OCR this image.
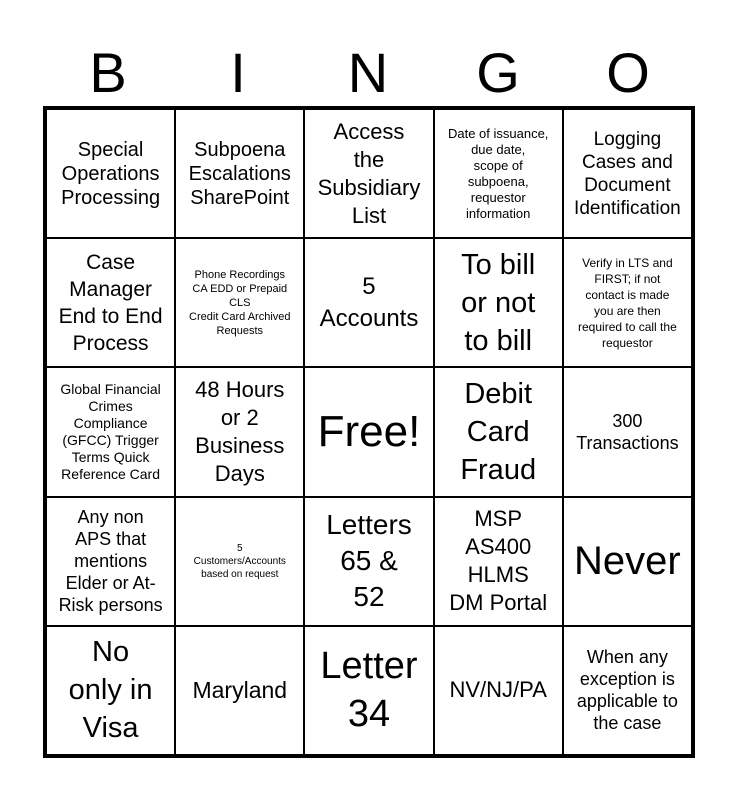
B	I	N	G	O
Special
Operations
Processing
Subpoena
Escalations
SharePoint
Access
the
Subsidiary
List
Date of issuance,
due date,
scope of
subpoena,
requestor
information
Logging
Cases and
Document
Identification
Case
Manager
End to End
Process
Phone Recordings
CA EDD or Prepaid
CLS
Credit Card Archived
Requests
5
Accounts
To bill
or not
to bill
Verify in LTS and
FIRST; if not
contact is made
you are then
required to call the
requestor
Global Financial
Crimes
Compliance
(GFCC) Trigger
Terms Quick
Reference Card
48 Hours
or 2
Business
Days
Free!
Debit
Card
Fraud
300
Transactions
Any non
APS that
mentions
Elder or At-
Risk persons
5
Customers/Accounts
based on request
Letters
65 &
52
MSP
AS400
HLMS
DM Portal
Never
No
only in
Visa
Maryland
Letter
34
NV/NJ/PA
When any
exception is
applicable to
the case
